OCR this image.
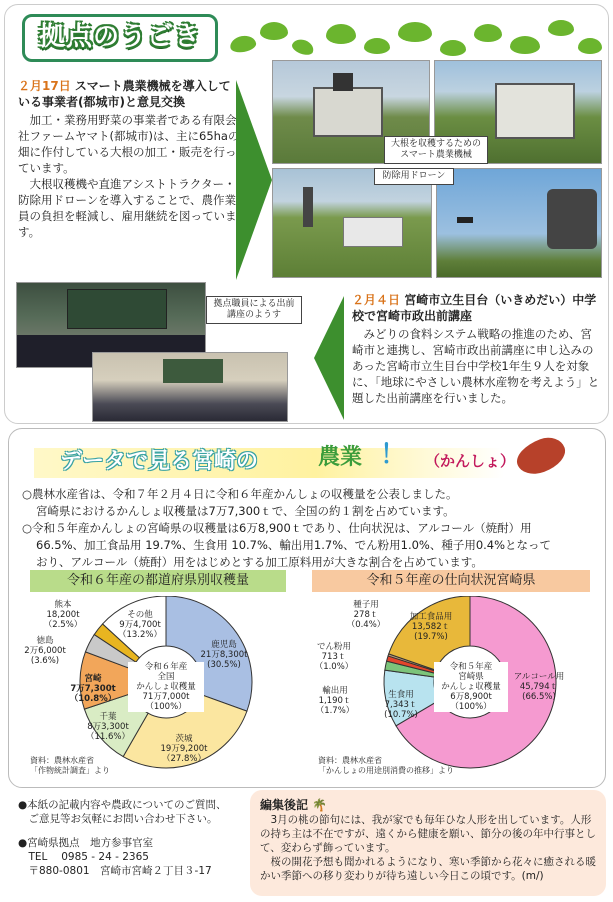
拠点のうごき
２月17日 スマート農業機械を導入している事業者(都城市)と意見交換

加工・業務用野菜の事業者である有限会社ファームヤマト(都城市)は、主に65haの畑に作付している大根の加工・販売を行っています。

大根収穫機や直進アシストトラクター・防除用ドローンを導入することで、農作業員の負担を軽減し、雇用継続を図っています。

大根を収穫するためのスマート農業機械
防除用ドローン
拠点職員による出前講座のようす
２月４日 宮崎市立生目台（いきめだい）中学校で宮崎市政出前講座

みどりの食料システム戦略の推進のため、宮崎市と連携し、宮崎市政出前講座に申し込みのあった宮崎市立生目台中学校1年生９人を対象に、「地球にやさしい農林水産物を考えよう」と題した出前講座を行いました。

データで見る宮崎の	農業 ！ （かんしょ）
○農林水産省は、令和７年２月４日に令和６年産かんしょの収穫量を公表しました。
宮崎県におけるかんしょ収穫量は7万7,300ｔで、全国の約１割を占めています。
○令和５年産かんしょの宮崎県の収穫量は6万8,900ｔであり、仕向状況は、アルコール（焼酎）用
66.5%、加工食品用 19.7%、生食用 10.7%、輸出用1.7%、でん粉用1.0%、種子用0.4%となって
おり、アルコール（焼酎）用をはじめとする加工原料用が大きな割合を占めています。
令和６年産の都道府県別収穫量	令和５年産の仕向状況宮崎県
熊本
18,200t
（2.5%）
徳島
2万6,000t
(3.6%)
その他
9万4,700t
（13.2%）
鹿児島
21万8,300t
(30.5%)
宮崎
7万7,300t
（10.8%）
千葉
8万3,300t
（11.6%）	茨城
19万9,200t
（27.8%）
令和６年産
全国
かんしょ収穫量
71万7,000t
（100%）
資料：農林水産省
「作物統計調査」より
種子用
278ｔ
（0.4%）
加工食品用
13,582ｔ
(19.7%)
でん粉用
713ｔ
（1.0%）
輸出用
1,190ｔ
（1.7%）
生食用
7,343ｔ
(10.7%)
アルコール用
45,794ｔ
(66.5%)
令和５年産
宮崎県
かんしょ収穫量
6万8,900t
（100%）
資料：農林水産省
「かんしょの用途別消費の推移」より
●本紙の記載内容や農政についてのご質問、
　ご意見等お気軽にお問い合わせ下さい。
●宮崎県拠点　地方参事官室
　TEL　 0985 - 24 - 2365
　〒880-0801　宮崎市宮崎２丁目３-17
編集後記 🌴

3月の桃の節句には、我が家でも毎年ひな人形を出しています。人形の持ち主は不在ですが、遠くから健康を願い、節分の後の年中行事として、変わらず飾っています。

桜の開花予想も聞かれるようになり、寒い季節から花々に癒される暖かい季節への移り変わりが待ち遠しい今日この頃です。(m/)
